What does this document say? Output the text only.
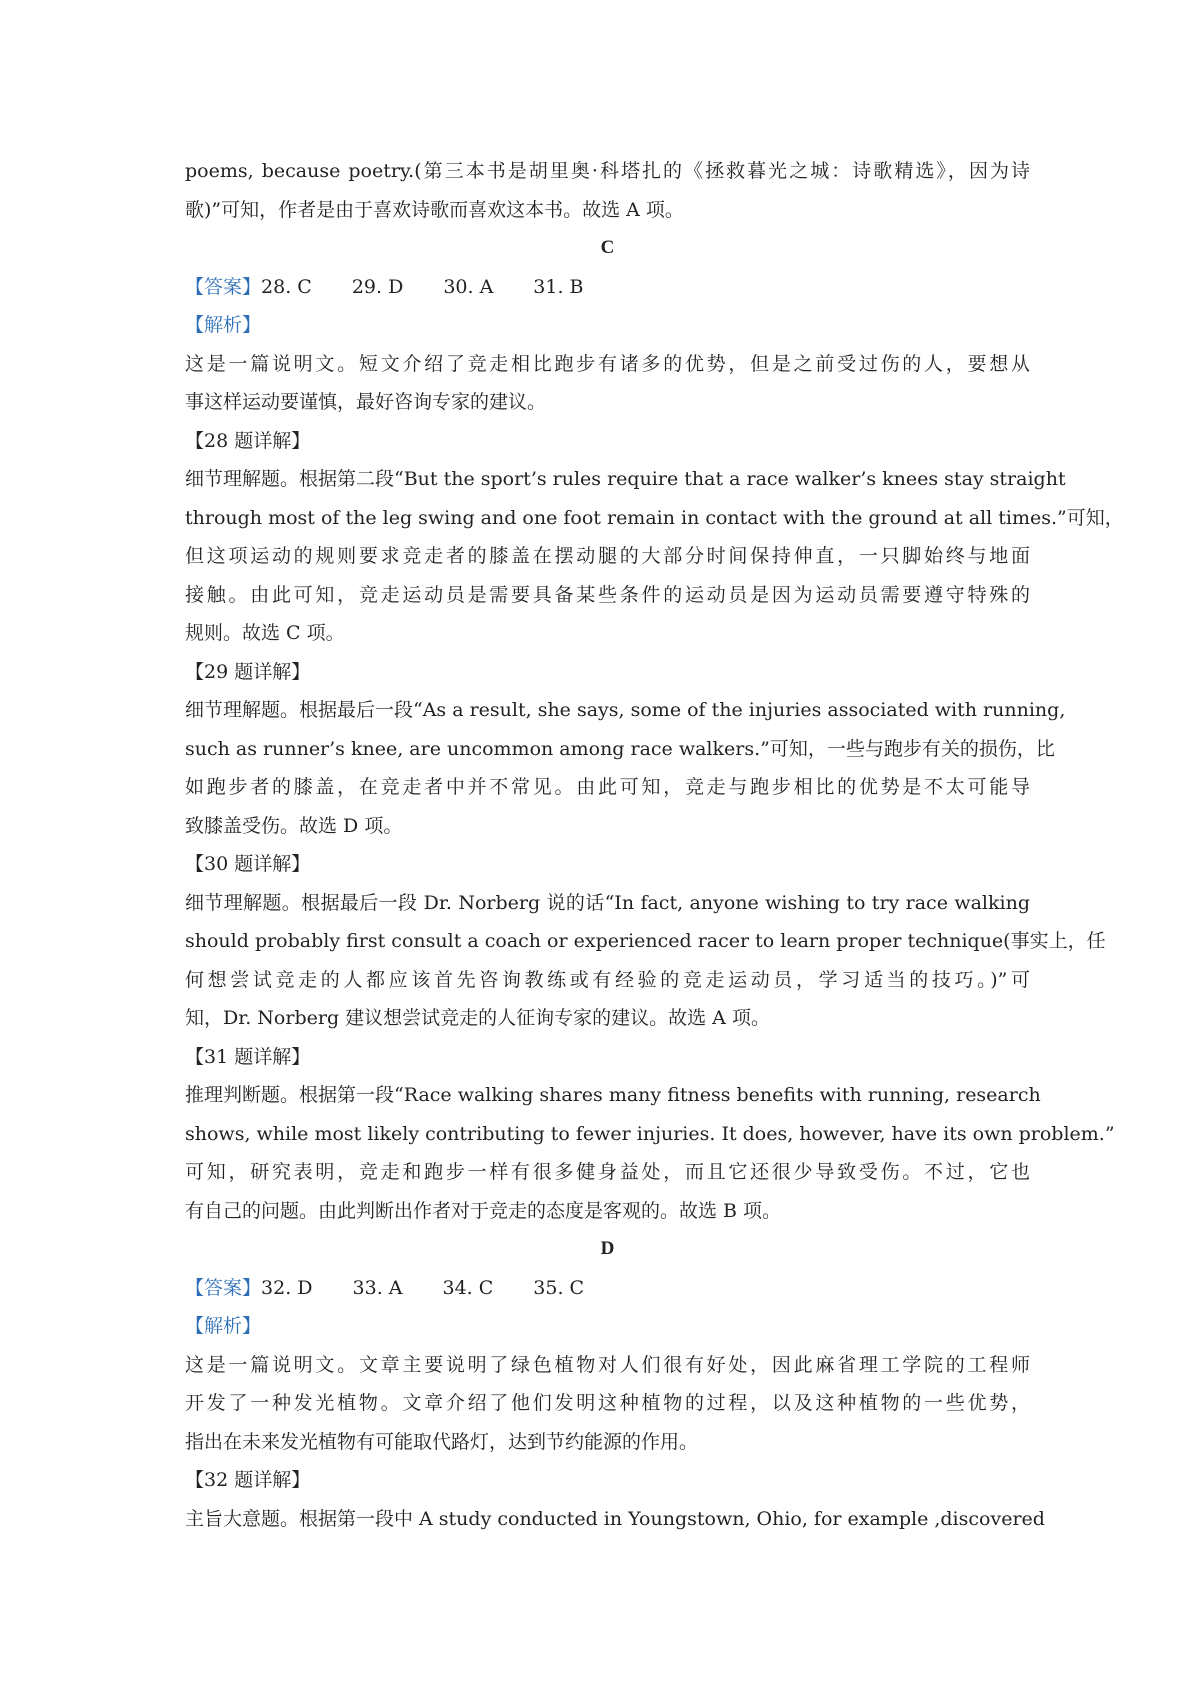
poems, because poetry.(第三本书是胡里奥·科塔扎的《拯救暮光之城：诗歌精选》，因为诗
歌)”可知，作者是由于喜欢诗歌而喜欢这本书。故选 A 项。
C
【答案】28. C 29. D 30. A 31. B
【解析】
这是一篇说明文。短文介绍了竞走相比跑步有诸多的优势，但是之前受过伤的人，要想从
事这样运动要谨慎，最好咨询专家的建议。
【28 题详解】
细节理解题。根据第二段“But the sport’s rules require that a race walker’s knees stay straight
through most of the leg swing and one foot remain in contact with the ground at all times.”可知，
但这项运动的规则要求竞走者的膝盖在摆动腿的大部分时间保持伸直，一只脚始终与地面
接触。由此可知，竞走运动员是需要具备某些条件的运动员是因为运动员需要遵守特殊的
规则。故选 C 项。
【29 题详解】
细节理解题。根据最后一段“As a result, she says, some of the injuries associated with running,
such as runner’s knee, are uncommon among race walkers.”可知，一些与跑步有关的损伤，比
如跑步者的膝盖，在竞走者中并不常见。由此可知，竞走与跑步相比的优势是不太可能导
致膝盖受伤。故选 D 项。
【30 题详解】
细节理解题。根据最后一段 Dr. Norberg 说的话“In fact, anyone wishing to try race walking
should probably first consult a coach or experienced racer to learn proper technique(事实上，任
何想尝试竞走的人都应该首先咨询教练或有经验的竞走运动员，学习适当的技巧。)”可
知，Dr. Norberg 建议想尝试竞走的人征询专家的建议。故选 A 项。
【31 题详解】
推理判断题。根据第一段“Race walking shares many fitness benefits with running, research
shows, while most likely contributing to fewer injuries. It does, however, have its own problem.”
可知，研究表明，竞走和跑步一样有很多健身益处，而且它还很少导致受伤。不过，它也
有自己的问题。由此判断出作者对于竞走的态度是客观的。故选 B 项。
D
【答案】32. D 33. A 34. C 35. C
【解析】
这是一篇说明文。文章主要说明了绿色植物对人们很有好处，因此麻省理工学院的工程师
开发了一种发光植物。文章介绍了他们发明这种植物的过程，以及这种植物的一些优势，
指出在未来发光植物有可能取代路灯，达到节约能源的作用。
【32 题详解】
主旨大意题。根据第一段中 A study conducted in Youngstown, Ohio, for example ,discovered
